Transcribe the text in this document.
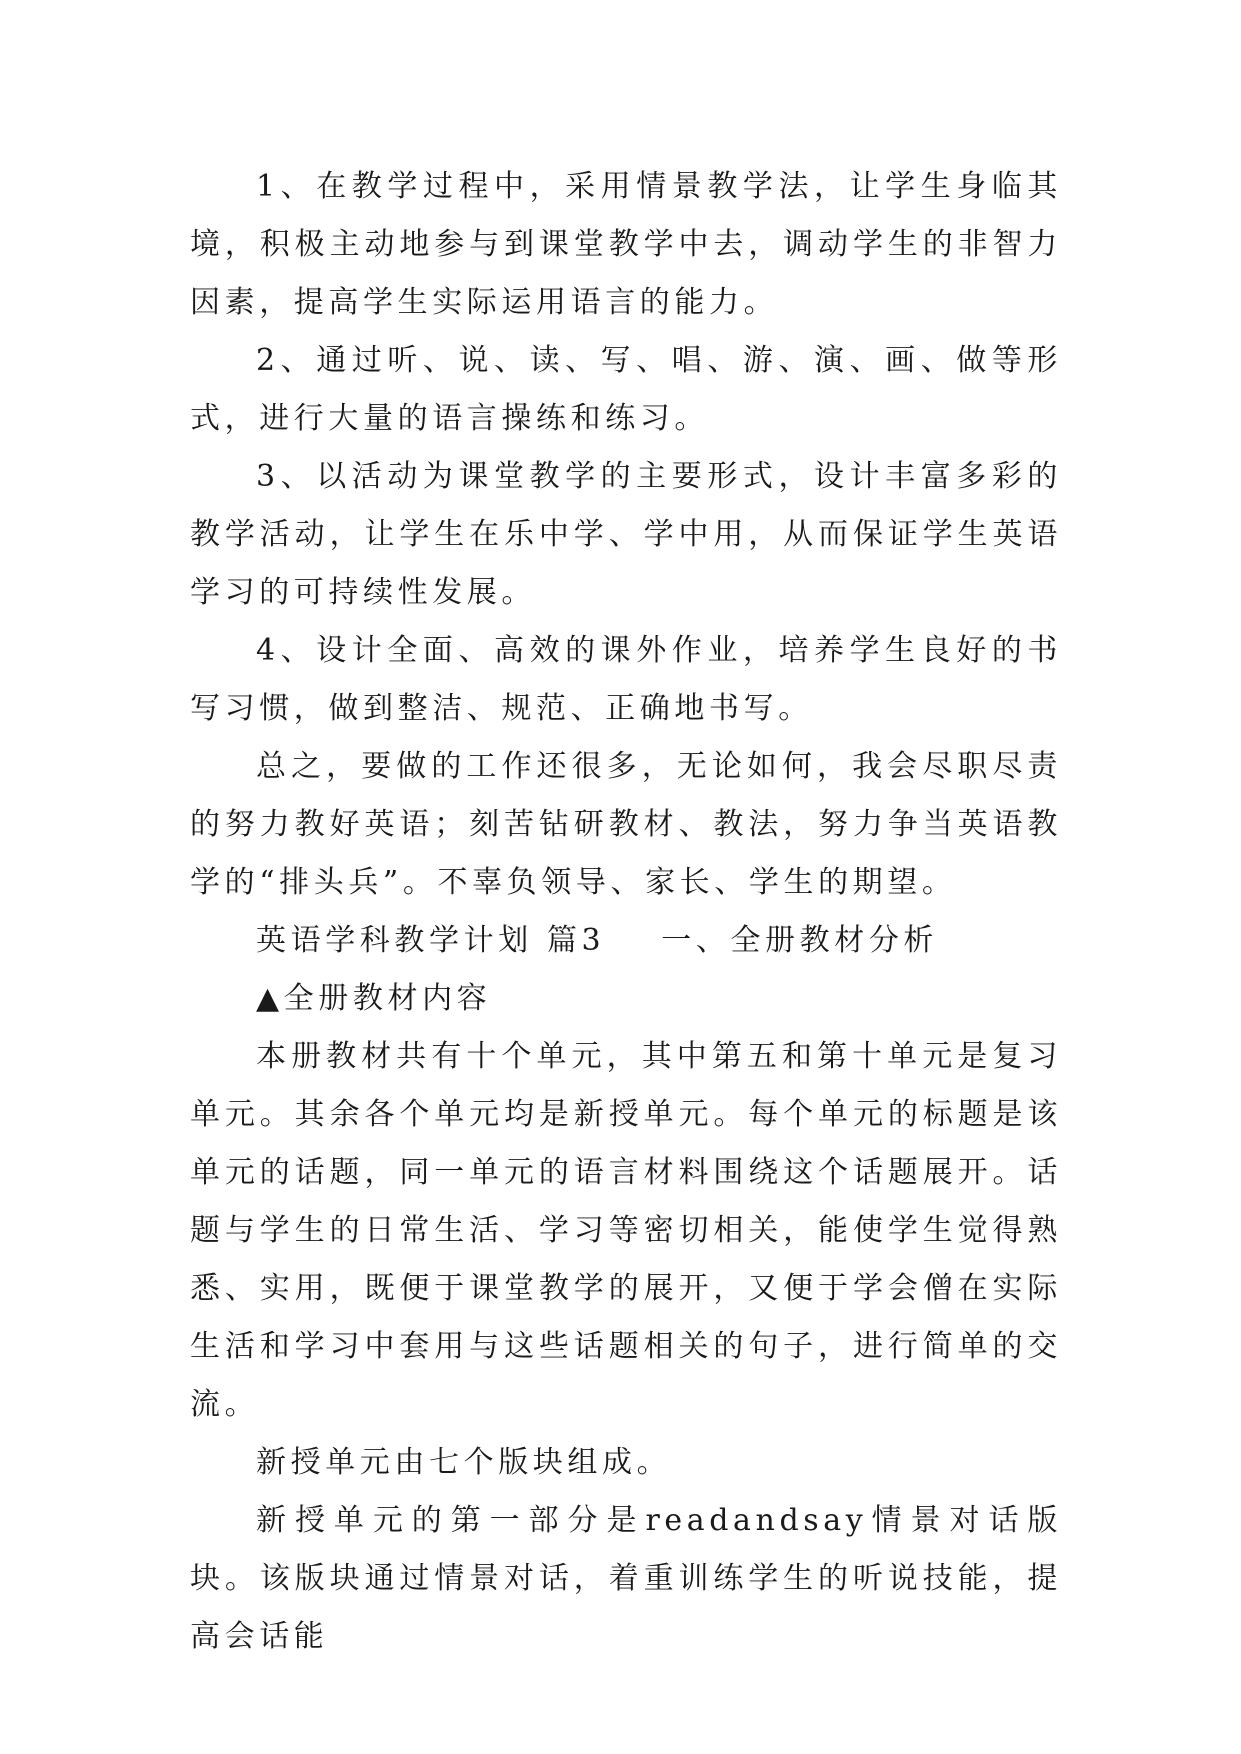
1、在教学过程中，采用情景教学法，让学生身临其境，积极主动地参与到课堂教学中去，调动学生的非智力因素，提高学生实际运用语言的能力。

2、通过听、说、读、写、唱、游、演、画、做等形式，进行大量的语言操练和练习。

3、以活动为课堂教学的主要形式，设计丰富多彩的教学活动，让学生在乐中学、学中用，从而保证学生英语学习的可持续性发展。

4、设计全面、高效的课外作业，培养学生良好的书写习惯，做到整洁、规范、正确地书写。

总之，要做的工作还很多，无论如何，我会尽职尽责的努力教好英语；刻苦钻研教材、教法，努力争当英语教学的“排头兵”。不辜负领导、家长、学生的期望。

英语学科教学计划 篇3 一、全册教材分析

▲全册教材内容

本册教材共有十个单元，其中第五和第十单元是复习单元。其余各个单元均是新授单元。每个单元的标题是该单元的话题，同一单元的语言材料围绕这个话题展开。话题与学生的日常生活、学习等密切相关，能使学生觉得熟悉、实用，既便于课堂教学的展开，又便于学会僧在实际生活和学习中套用与这些话题相关的句子，进行简单的交流。

新授单元由七个版块组成。

新授单元的第一部分是readandsay情景对话版块。该版块通过情景对话，着重训练学生的听说技能，提高会话能
